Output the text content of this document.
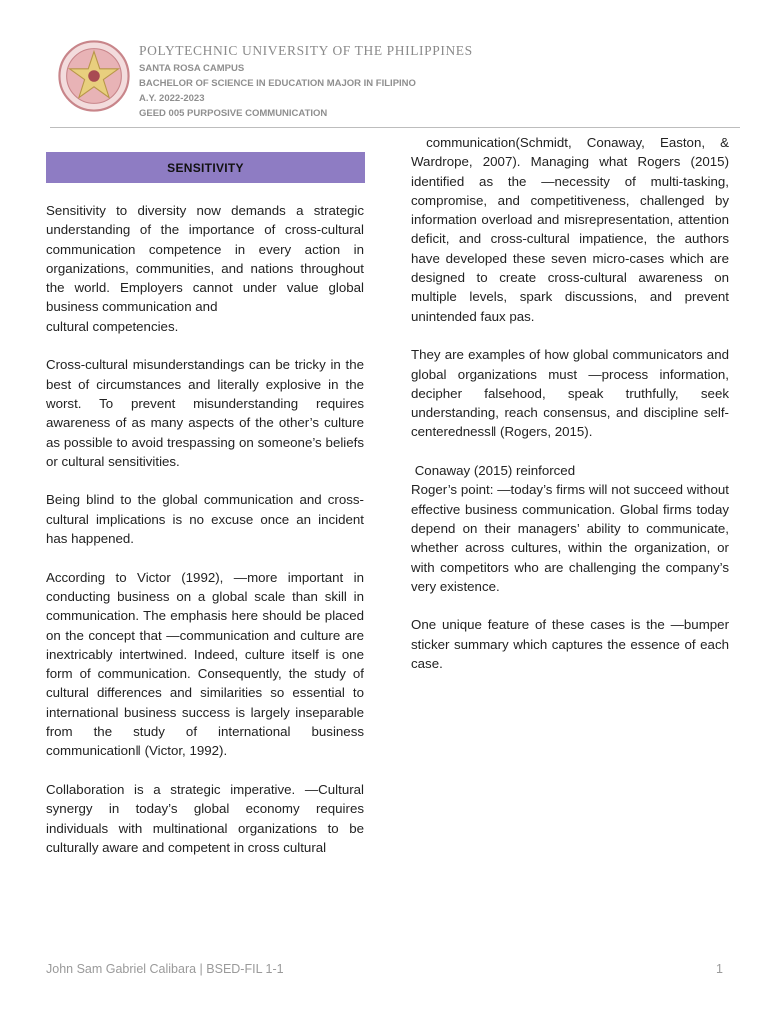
POLYTECHNIC UNIVERSITY OF THE PHILIPPINES
SANTA ROSA CAMPUS
BACHELOR OF SCIENCE IN EDUCATION MAJOR IN FILIPINO
A.Y. 2022-2023
GEED 005 PURPOSIVE COMMUNICATION
SENSITIVITY

Sensitivity to diversity now demands a strategic understanding of the importance of cross-cultural communication competence in every action in organizations, communities, and nations throughout the world. Employers cannot under value global business communication and
cultural competencies.

Cross-cultural misunderstandings can be tricky in the best of circumstances and literally explosive in the worst. To prevent misunderstanding requires awareness of as many aspects of the other’s culture as possible to avoid trespassing on someone’s beliefs or cultural sensitivities.

Being blind to the global communication and cross-cultural implications is no excuse once an incident has happened.

According to Victor (1992), ―more important in conducting business on a global scale than skill in communication. The emphasis here should be placed on the concept that ―communication and culture are inextricably intertwined. Indeed, culture itself is one form of communication. Consequently, the study of cultural differences and similarities so essential to international business success is largely inseparable from the study of international business communication‖ (Victor, 1992).

Collaboration is a strategic imperative. ―Cultural synergy in today’s global economy requires individuals with multinational organizations to be culturally aware and competent in cross cultural

communication(Schmidt, Conaway, Easton, & Wardrope, 2007). Managing what Rogers (2015) identified as the ―necessity of multi-tasking, compromise, and competitiveness, challenged by information overload and misrepresentation, attention deficit, and cross-cultural impatience, the authors have developed these seven micro-cases which are designed to create cross-cultural awareness on multiple levels, spark discussions, and prevent unintended faux pas.

They are examples of how global communicators and global organizations must ―process information, decipher falsehood, speak truthfully, seek understanding, reach consensus, and discipline self-centeredness‖ (Rogers, 2015).

Conaway (2015) reinforced
Roger’s point: ―today’s firms will not succeed without effective business communication. Global firms today depend on their managers’ ability to communicate, whether across cultures, within the organization, or with competitors who are challenging the company’s very existence.

One unique feature of these cases is the ―bumper sticker summary which captures the essence of each case.

John Sam Gabriel Calibara | BSED-FIL 1-1	1
